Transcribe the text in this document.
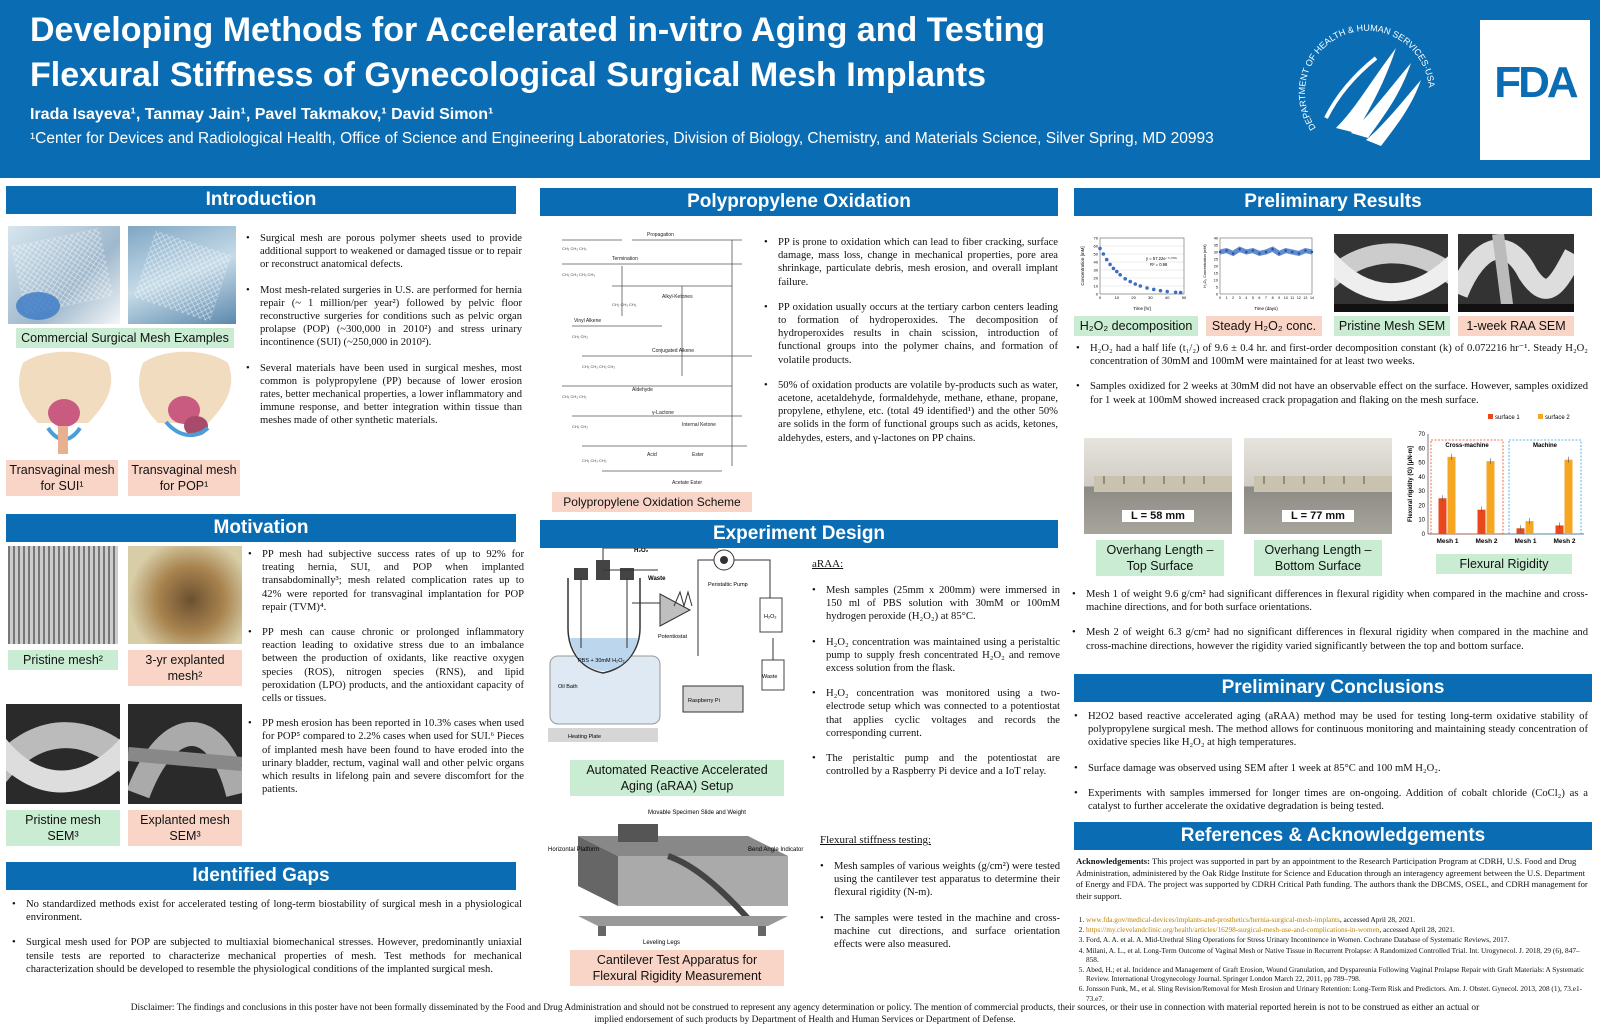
Developing Methods for Accelerated in-vitro Aging and Testing
Flexural Stiffness of Gynecological Surgical Mesh Implants
Irada Isayeva¹, Tanmay Jain¹, Pavel Takmakov,¹ David Simon¹
¹Center for Devices and Radiological Health, Office of Science and Engineering Laboratories, Division of Biology, Chemistry, and Materials Science, Silver Spring, MD 20993
DEPARTMENT OF HEALTH & HUMAN SERVICES·USA	FDA
Introduction
Commercial Surgical Mesh Examples
Transvaginal mesh for SUI¹
Transvaginal mesh for POP¹
• Surgical mesh are porous polymer sheets used to provide additional support to weakened or damaged tissue or to repair or reconstruct anatomical defects.
• Most mesh-related surgeries in U.S. are performed for hernia repair (~ 1 million/per year²) followed by pelvic floor reconstructive surgeries for conditions such as pelvic organ prolapse (POP) (~300,000 in 2010²) and stress urinary incontinence (SUI) (~250,000 in 2010²).
• Several materials have been used in surgical meshes, most common is polypropylene (PP) because of lower erosion rates, better mechanical properties, a lower inflammatory and immune response, and better integration within tissue than meshes made of other synthetic materials.
Motivation
Pristine mesh²	3-yr explanted mesh²
Pristine mesh SEM³
Explanted mesh SEM³
• PP mesh had subjective success rates of up to 92% for treating hernia, SUI, and POP when implanted transabdominally³; mesh related complication rates up to 42% were reported for transvaginal implantation for POP repair (TVM)⁴.
• PP mesh can cause chronic or prolonged inflammatory reaction leading to oxidative stress due to an imbalance between the production of oxidants, like reactive oxygen species (ROS), nitrogen species (RNS), and lipid peroxidation (LPO) products, and the antioxidant capacity of cells or tissues.
• PP mesh erosion has been reported in 10.3% cases when used for POP⁵ compared to 2.2% cases when used for SUI.⁶ Pieces of implanted mesh have been found to have eroded into the urinary bladder, rectum, vaginal wall and other pelvic organs which results in lifelong pain and severe discomfort for the patients.
Identified Gaps
• No standardized methods exist for accelerated testing of long-term biostability of surgical mesh in a physiological environment.
• Surgical mesh used for POP are subjected to multiaxial biomechanical stresses. However, predominantly uniaxial tensile tests are reported to characterize mechanical properties of mesh. Test methods for mechanical characterization should be developed to resemble the physiological conditions of the implanted surgical mesh.
Polypropylene Oxidation
Propagation
Termination
Alkyl-Ketones
Vinyl Alkene
Conjugated Alkene
Aldehyde
γ-Lactone
Internal Ketone
Acid	Ester
Acetate Ester
CH₃ CH₃ CH₃
CH₃ CH₃ CH₃ CH₃
CH₂ CH₃ CH₃
CH₃ CH₃
CH₃ CH₃ CH₃ CH₃
CH₃ CH₃ CH₂
CH₃ CH₃
CH₃ CH₃ CH₃
Polypropylene Oxidation Scheme
• PP is prone to oxidation which can lead to fiber cracking, surface damage, mass loss, change in mechanical properties, pore area shrinkage, particulate debris, mesh erosion, and overall implant failure.
• PP oxidation usually occurs at the tertiary carbon centers leading to formation of hydroperoxides. The decomposition of hydroperoxides results in chain scission, introduction of functional groups into the polymer chains, and formation of volatile products.
• 50% of oxidation products are volatile by-products such as water, acetone, acetaldehyde, formaldehyde, methane, ethane, propane, propylene, ethylene, etc. (total 49 identified¹) and the other 50% are solids in the form of functional groups such as acids, ketones, aldehydes, esters, and γ-lactones on PP chains.
Experiment Design
H₂O₂
Waste
Peristaltic Pump
H₂O₂
Waste
Potentiostat
PBS + 30mM H₂O₂
Oil Bath
Heating Plate
Raspberry Pi
Automated Reactive Accelerated Aging (aRAA) Setup
Movable Specimen Slide and Weight
Horizontal Platform	Bend Angle Indicator
Leveling Legs
Cantilever Test Apparatus for Flexural Rigidity Measurement
aRAA:
• Mesh samples (25mm x 200mm) were immersed in 150 ml of PBS solution with 30mM or 100mM hydrogen peroxide (H₂O₂) at 85°C.
• H₂O₂ concentration was maintained using a peristaltic pump to supply fresh concentrated H₂O₂ and remove excess solution from the flask.
• H₂O₂ concentration was monitored using a two-electrode setup which was connected to a potentiostat that applies cyclic voltages and records the corresponding current.
• The peristaltic pump and the potentiostat are controlled by a Raspberry Pi device and a IoT relay.
Flexural stiffness testing:
• Mesh samples of various weights (g/cm²) were tested using the cantilever test apparatus to determine their flexural rigidity (N-m).
• The samples were tested in the machine and cross-machine cut directions, and surface orientation effects were also measured.
Preliminary Results
0
10
20
30
40
50
60
70
0	10	20	30	40	50
Time [hr]
Concentration [mM]	y = 57.22e⁻⁰·⁰⁷²ˣ
R² = 0.98
0
5
10
15
20
25
30
35
40
0 1 2 3 4 5 6 7 8 9 10 11 12 13 14
Time (days)
H₂O₂ Concentration (mM)
H₂O₂ decomposition	Steady H₂O₂ conc.	Pristine Mesh SEM	1-week RAA SEM
• H₂O₂ had a half life (t₁/₂) of 9.6 ± 0.4 hr. and first-order decomposition constant (k) of 0.072216 hr⁻¹. Steady H₂O₂ concentration of 30mM and 100mM were maintained for at least two weeks.
• Samples oxidized for 2 weeks at 30mM did not have an observable effect on the surface. However, samples oxidized for 1 week at 100mM showed increased crack propagation and flaking on the mesh surface.
L = 58 mm	L = 77 mm
Overhang Length – Top Surface
Overhang Length – Bottom Surface
0
10
20
30
40
50
60
70
Flexural rigidity (G) [μN-m]
surface 1	surface 2
Cross-machine	Machine
Mesh 1	Mesh 2	Mesh 1	Mesh 2
Flexural Rigidity
• Mesh 1 of weight 9.6 g/cm² had significant differences in flexural rigidity when compared in the machine and cross-machine directions, and for both surface orientations.
• Mesh 2 of weight 6.3 g/cm² had no significant differences in flexural rigidity when compared in the machine and cross-machine directions, however the rigidity varied significantly between the top and bottom surface.
Preliminary Conclusions
• H2O2 based reactive accelerated aging (aRAA) method may be used for testing long-term oxidative stability of polypropylene surgical mesh. The method allows for continuous monitoring and maintaining steady concentration of oxidative species like H₂O₂ at high temperatures.
• Surface damage was observed using SEM after 1 week at 85°C and 100 mM H₂O₂.
• Experiments with samples immersed for longer times are on-ongoing. Addition of cobalt chloride (CoCl₂) as a catalyst to further accelerate the oxidative degradation is being tested.
References & Acknowledgements
Acknowledgements: This project was supported in part by an appointment to the Research Participation Program at CDRH, U.S. Food and Drug Administration, administered by the Oak Ridge Institute for Science and Education through an interagency agreement between the U.S. Department of Energy and FDA. The project was supported by CDRH Critical Path funding. The authors thank the DBCMS, OSEL, and CDRH management for their support.
1. www.fda.gov/medical-devices/implants-and-prosthetics/hernia-surgical-mesh-implants, accessed April 28, 2021.
2. https://my.clevelandclinic.org/health/articles/16298-surgical-mesh-use-and-complications-in-women, accessed April 28, 2021.
3. Ford, A. A. et al. A. Mid-Urethral Sling Operations for Stress Urinary Incontinence in Women. Cochrane Database of Systematic Reviews, 2017.
4. Milani, A. L., et al. Long-Term Outcome of Vaginal Mesh or Native Tissue in Recurrent Prolapse: A Randomized Controlled Trial. Int. Urogynecol. J. 2018, 29 (6), 847–858.
5. Abed, H.; et al. Incidence and Management of Graft Erosion, Wound Granulation, and Dyspareunia Following Vaginal Prolapse Repair with Graft Materials: A Systematic Review. International Urogynecology Journal. Springer London March 22, 2011, pp 789–798.
6. Jonsson Funk, M., et al. Sling Revision/Removal for Mesh Erosion and Urinary Retention: Long-Term Risk and Predictors. Am. J. Obstet. Gynecol. 2013, 208 (1), 73.e1-73.e7.
Disclaimer: The findings and conclusions in this poster have not been formally disseminated by the Food and Drug Administration and should not be construed to represent any agency determination or policy. The mention of commercial products, their sources, or their use in connection with material reported herein is not to be construed as either an actual or implied endorsement of such products by Department of Health and Human Services or Department of Defense.
